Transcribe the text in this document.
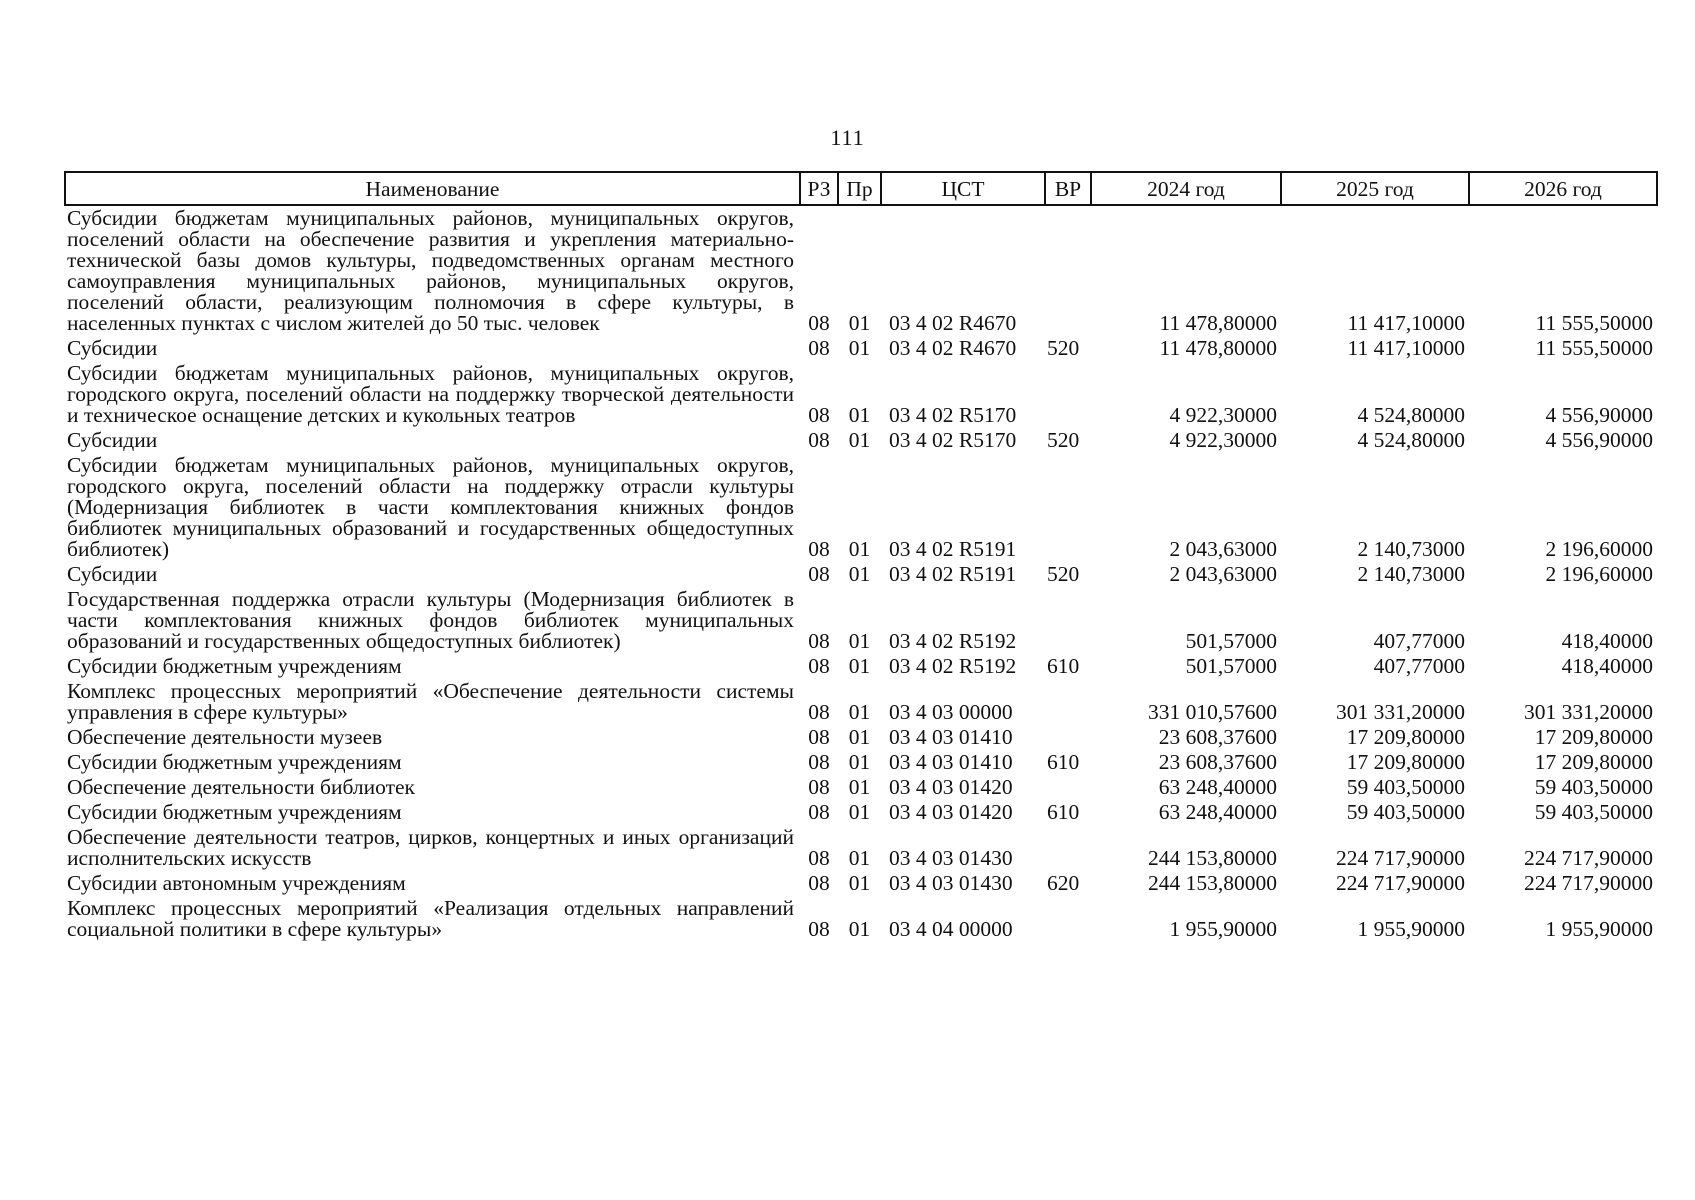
111
Наименование	РЗ	Пр	ЦСТ	ВР	2024 год	2025 год	2026 год
Субсидии бюджетам муниципальных районов, муниципальных округов, поселений области на обеспечение развития и укрепления материально-технической базы домов культуры, подведомственных органам местного самоуправления муниципальных районов, муниципальных округов, поселений области, реализующим полномочия в сфере культуры, в населенных пунктах с числом жителей до 50 тыс. человек	08	01	03 4 02 R4670		11 478,80000	11 417,10000	11 555,50000
Субсидии	08	01	03 4 02 R4670	520	11 478,80000	11 417,10000	11 555,50000
Субсидии бюджетам муниципальных районов, муниципальных округов, городского округа, поселений области на поддержку творческой деятельности и техническое оснащение детских и кукольных театров	08	01	03 4 02 R5170		4 922,30000	4 524,80000	4 556,90000
Субсидии	08	01	03 4 02 R5170	520	4 922,30000	4 524,80000	4 556,90000
Субсидии бюджетам муниципальных районов, муниципальных округов, городского округа, поселений области на поддержку отрасли культуры (Модернизация библиотек в части комплектования книжных фондов библиотек муниципальных образований и государственных общедоступных библиотек)	08	01	03 4 02 R5191		2 043,63000	2 140,73000	2 196,60000
Субсидии	08	01	03 4 02 R5191	520	2 043,63000	2 140,73000	2 196,60000
Государственная поддержка отрасли культуры (Модернизация библиотек в части комплектования книжных фондов библиотек муниципальных образований и государственных общедоступных библиотек)	08	01	03 4 02 R5192		501,57000	407,77000	418,40000
Субсидии бюджетным учреждениям	08	01	03 4 02 R5192	610	501,57000	407,77000	418,40000
Комплекс процессных мероприятий «Обеспечение деятельности системы управления в сфере культуры»	08	01	03 4 03 00000		331 010,57600	301 331,20000	301 331,20000
Обеспечение деятельности музеев	08	01	03 4 03 01410		23 608,37600	17 209,80000	17 209,80000
Субсидии бюджетным учреждениям	08	01	03 4 03 01410	610	23 608,37600	17 209,80000	17 209,80000
Обеспечение деятельности библиотек	08	01	03 4 03 01420		63 248,40000	59 403,50000	59 403,50000
Субсидии бюджетным учреждениям	08	01	03 4 03 01420	610	63 248,40000	59 403,50000	59 403,50000
Обеспечение деятельности театров, цирков, концертных и иных организаций исполнительских искусств	08	01	03 4 03 01430		244 153,80000	224 717,90000	224 717,90000
Субсидии автономным учреждениям	08	01	03 4 03 01430	620	244 153,80000	224 717,90000	224 717,90000
Комплекс процессных мероприятий «Реализация отдельных направлений социальной политики в сфере культуры»	08	01	03 4 04 00000		1 955,90000	1 955,90000	1 955,90000
